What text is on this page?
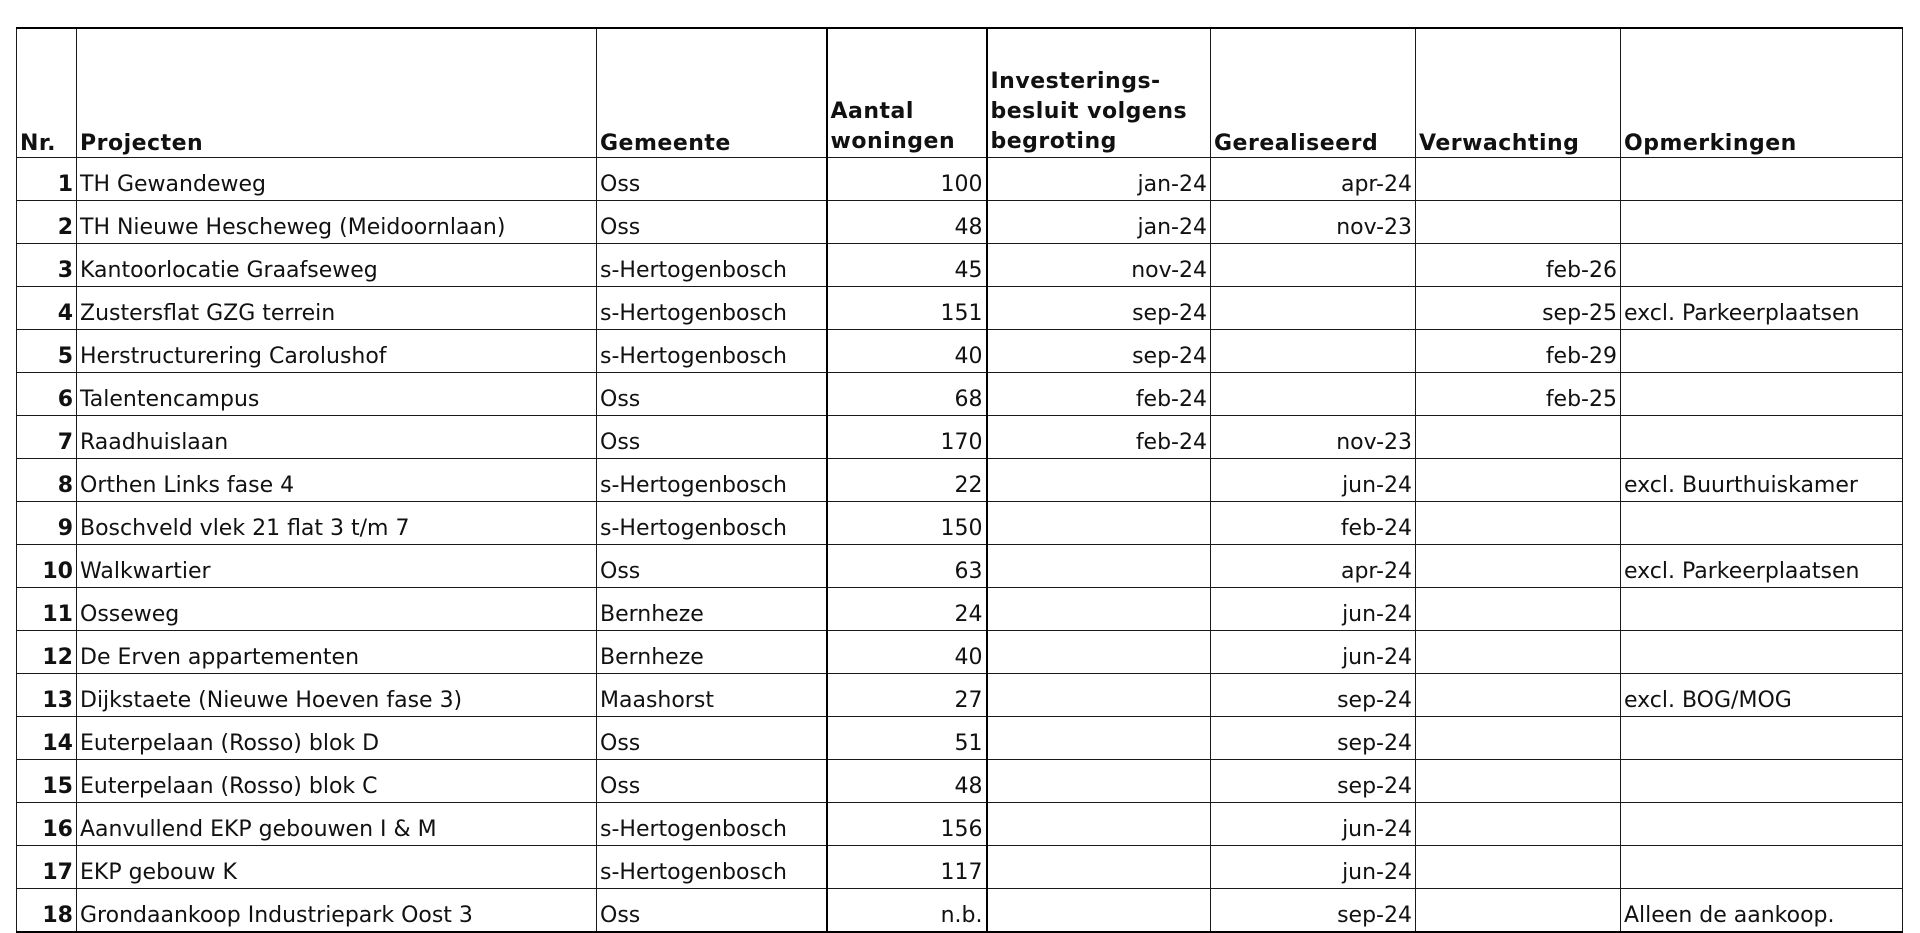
Nr.	Projecten	Gemeente	Aantal woningen	Investerings-besluit volgens begroting	Gerealiseerd	Verwachting	Opmerkingen
1	TH Gewandeweg	Oss	100	jan-24	apr-24		
2	TH Nieuwe Hescheweg (Meidoornlaan)	Oss	48	jan-24	nov-23		
3	Kantoorlocatie Graafseweg	s-Hertogenbosch	45	nov-24		feb-26	
4	Zustersflat GZG terrein	s-Hertogenbosch	151	sep-24		sep-25	excl. Parkeerplaatsen
5	Herstructurering Carolushof	s-Hertogenbosch	40	sep-24		feb-29	
6	Talentencampus	Oss	68	feb-24		feb-25	
7	Raadhuislaan	Oss	170	feb-24	nov-23		
8	Orthen Links fase 4	s-Hertogenbosch	22		jun-24		excl. Buurthuiskamer
9	Boschveld vlek 21 flat 3 t/m 7	s-Hertogenbosch	150		feb-24		
10	Walkwartier	Oss	63		apr-24		excl. Parkeerplaatsen
11	Osseweg	Bernheze	24		jun-24		
12	De Erven appartementen	Bernheze	40		jun-24		
13	Dijkstaete (Nieuwe Hoeven fase 3)	Maashorst	27		sep-24		excl. BOG/MOG
14	Euterpelaan (Rosso) blok D	Oss	51		sep-24		
15	Euterpelaan (Rosso) blok C	Oss	48		sep-24		
16	Aanvullend EKP gebouwen I & M	s-Hertogenbosch	156		jun-24		
17	EKP gebouw K	s-Hertogenbosch	117		jun-24		
18	Grondaankoop Industriepark Oost 3	Oss	n.b.		sep-24		Alleen de aankoop.
